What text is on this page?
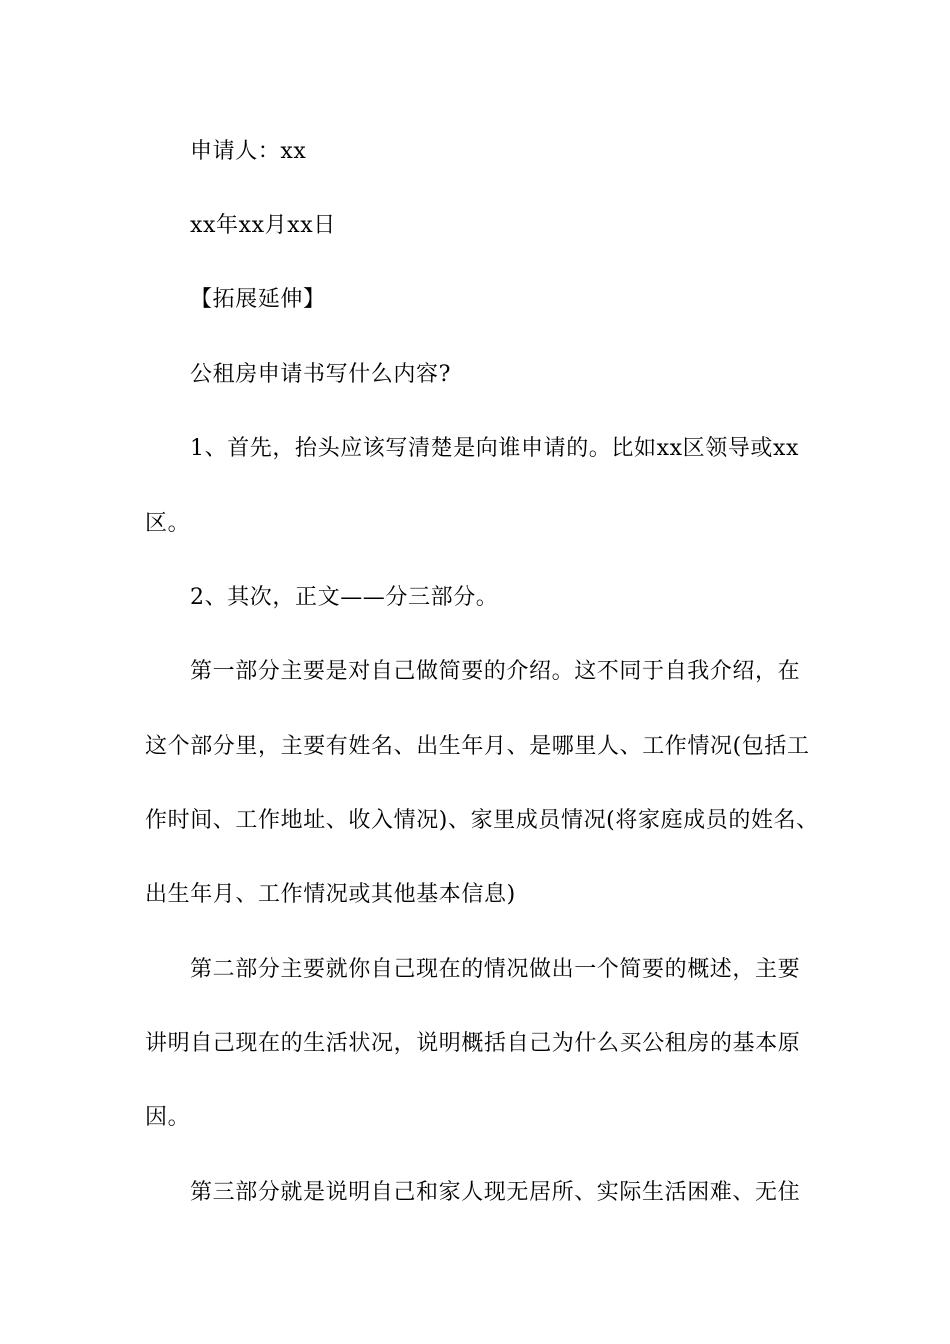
申请人：xx
xx年xx月xx日
【拓展延伸】
公租房申请书写什么内容?
1、首先，抬头应该写清楚是向谁申请的。比如xx区领导或xx
区。
2、其次，正文——分三部分。
第一部分主要是对自己做简要的介绍。这不同于自我介绍，在
这个部分里，主要有姓名、出生年月、是哪里人、工作情况(包括工
作时间、工作地址、收入情况)、家里成员情况(将家庭成员的姓名、
出生年月、工作情况或其他基本信息)
第二部分主要就你自己现在的情况做出一个简要的概述，主要
讲明自己现在的生活状况，说明概括自己为什么买公租房的基本原
因。
第三部分就是说明自己和家人现无居所、实际生活困难、无住
